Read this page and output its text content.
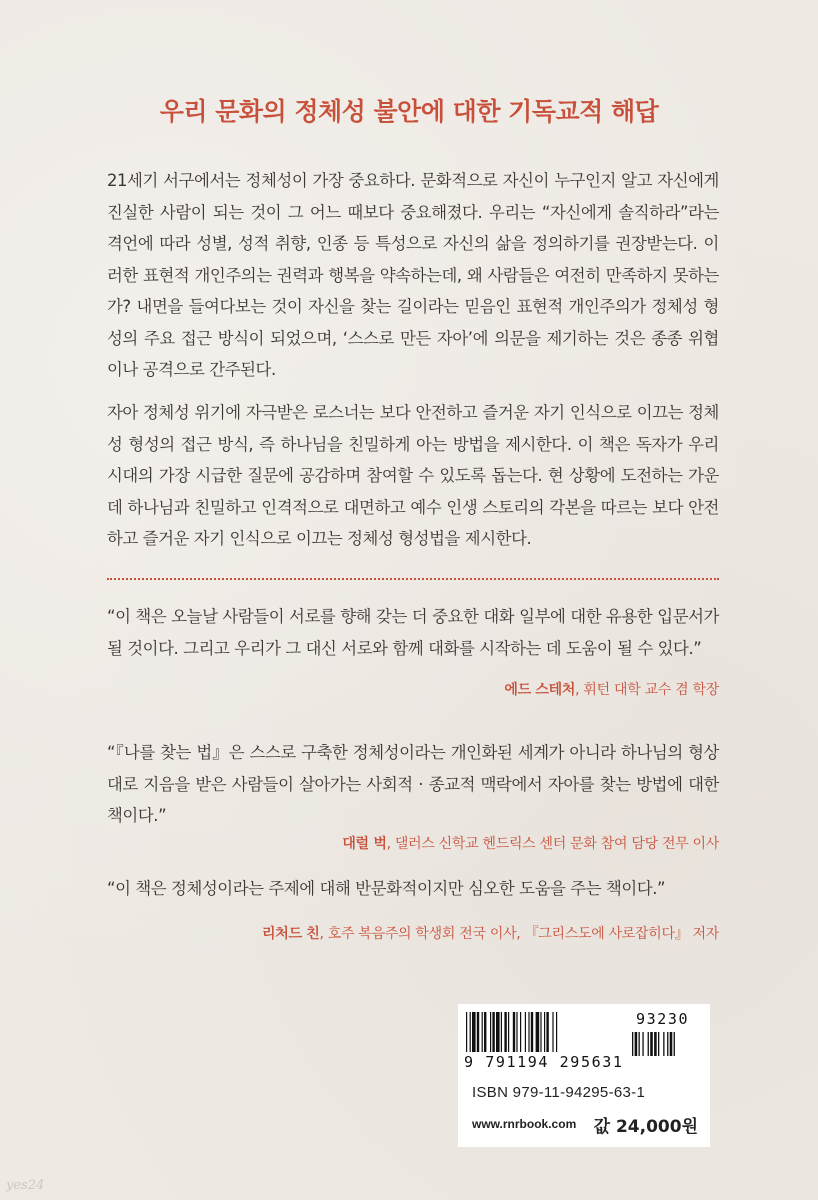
우리 문화의 정체성 불안에 대한 기독교적 해답

21세기 서구에서는 정체성이 가장 중요하다. 문화적으로 자신이 누구인지 알고 자신에게 진실한 사람이 되는 것이 그 어느 때보다 중요해졌다. 우리는 “자신에게 솔직하라”라는 격언에 따라 성별, 성적 취향, 인종 등 특성으로 자신의 삶을 정의하기를 권장받는다. 이러한 표현적 개인주의는 권력과 행복을 약속하는데, 왜 사람들은 여전히 만족하지 못하는가? 내면을 들여다보는 것이 자신을 찾는 길이라는 믿음인 표현적 개인주의가 정체성 형성의 주요 접근 방식이 되었으며, ‘스스로 만든 자아’에 의문을 제기하는 것은 종종 위협이나 공격으로 간주된다.

자아 정체성 위기에 자극받은 로스너는 보다 안전하고 즐거운 자기 인식으로 이끄는 정체성 형성의 접근 방식, 즉 하나님을 친밀하게 아는 방법을 제시한다. 이 책은 독자가 우리 시대의 가장 시급한 질문에 공감하며 참여할 수 있도록 돕는다. 현 상황에 도전하는 가운데 하나님과 친밀하고 인격적으로 대면하고 예수 인생 스토리의 각본을 따르는 보다 안전하고 즐거운 자기 인식으로 이끄는 정체성 형성법을 제시한다.

“이 책은 오늘날 사람들이 서로를 향해 갖는 더 중요한 대화 일부에 대한 유용한 입문서가 될 것이다. 그리고 우리가 그 대신 서로와 함께 대화를 시작하는 데 도움이 될 수 있다.”

에드 스테처, 휘턴 대학 교수 겸 학장

“『나를 찾는 법』은 스스로 구축한 정체성이라는 개인화된 세계가 아니라 하나님의 형상대로 지음을 받은 사람들이 살아가는 사회적 · 종교적 맥락에서 자아를 찾는 방법에 대한 책이다.”

대럴 벅, 댈러스 신학교 헨드릭스 센터 문화 참여 담당 전무 이사

“이 책은 정체성이라는 주제에 대해 반문화적이지만 심오한 도움을 주는 책이다.”

리처드 친, 호주 복음주의 학생회 전국 이사, 『그리스도에 사로잡히다』 저자
9 791194 295631
93230
ISBN 979-11-94295-63-1
www.rnrbook.com 값 24,000원
yes24
